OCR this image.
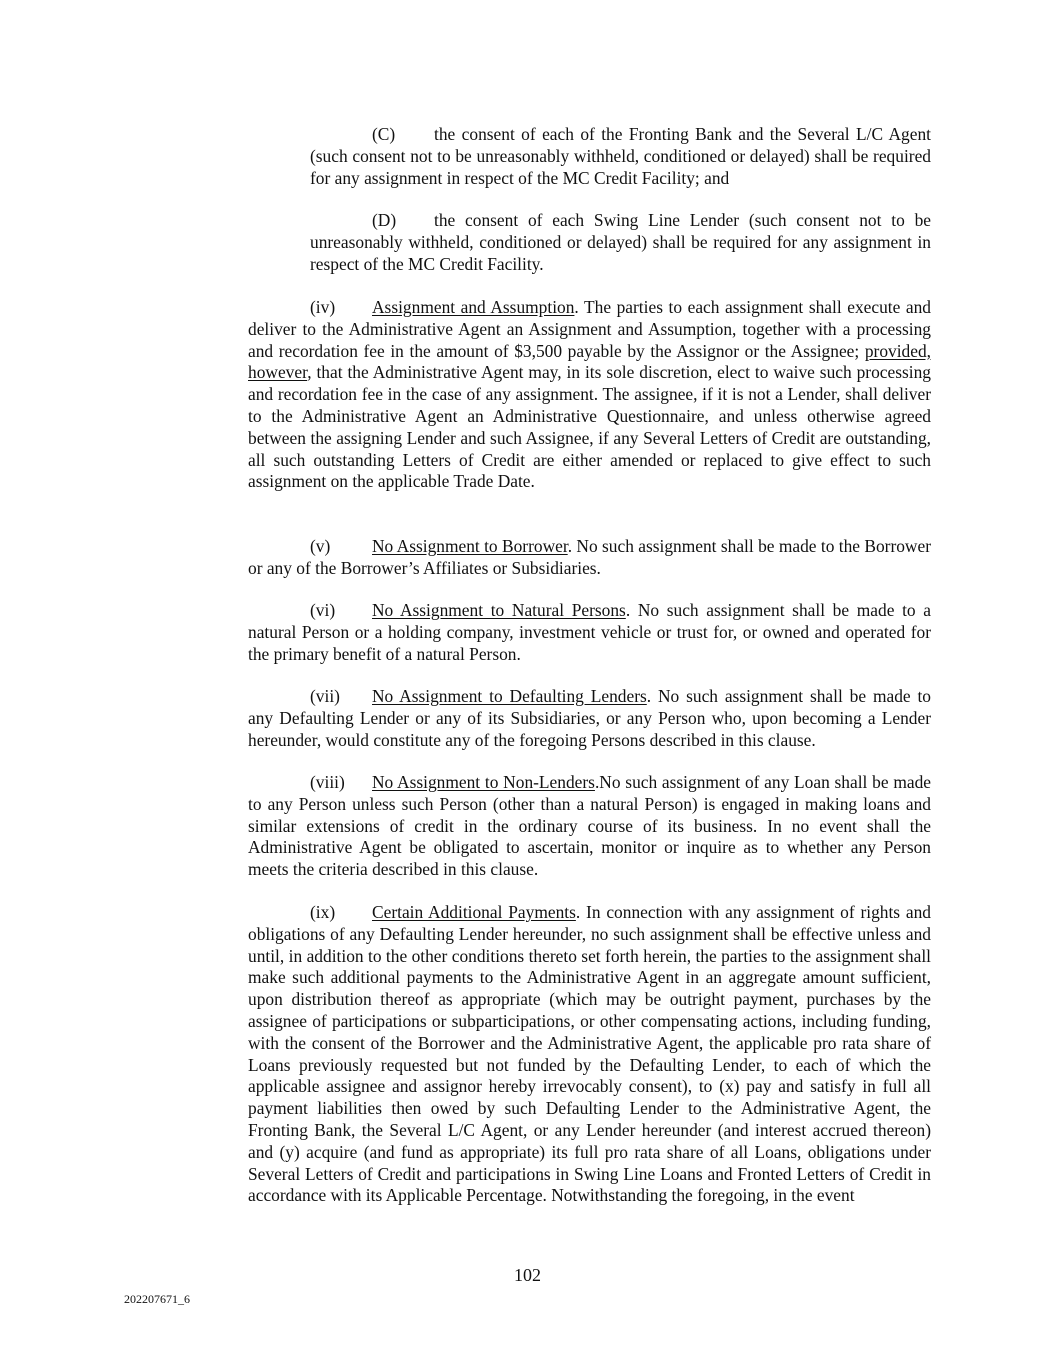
(C) the consent of each of the Fronting Bank and the Several L/C Agent (such consent not to be unreasonably withheld, conditioned or delayed) shall be required for any assignment in respect of the MC Credit Facility; and
(D) the consent of each Swing Line Lender (such consent not to be unreasonably withheld, conditioned or delayed) shall be required for any assignment in respect of the MC Credit Facility.
(iv) Assignment and Assumption. The parties to each assignment shall execute and deliver to the Administrative Agent an Assignment and Assumption, together with a processing and recordation fee in the amount of $3,500 payable by the Assignor or the Assignee; provided, however, that the Administrative Agent may, in its sole discretion, elect to waive such processing and recordation fee in the case of any assignment. The assignee, if it is not a Lender, shall deliver to the Administrative Agent an Administrative Questionnaire, and unless otherwise agreed between the assigning Lender and such Assignee, if any Several Letters of Credit are outstanding, all such outstanding Letters of Credit are either amended or replaced to give effect to such assignment on the applicable Trade Date.
(v) No Assignment to Borrower. No such assignment shall be made to the Borrower or any of the Borrower’s Affiliates or Subsidiaries.
(vi) No Assignment to Natural Persons. No such assignment shall be made to a natural Person or a holding company, investment vehicle or trust for, or owned and operated for the primary benefit of a natural Person.
(vii) No Assignment to Defaulting Lenders. No such assignment shall be made to any Defaulting Lender or any of its Subsidiaries, or any Person who, upon becoming a Lender hereunder, would constitute any of the foregoing Persons described in this clause.
(viii) No Assignment to Non-Lenders.No such assignment of any Loan shall be made to any Person unless such Person (other than a natural Person) is engaged in making loans and similar extensions of credit in the ordinary course of its business. In no event shall the Administrative Agent be obligated to ascertain, monitor or inquire as to whether any Person meets the criteria described in this clause.
(ix) Certain Additional Payments. In connection with any assignment of rights and obligations of any Defaulting Lender hereunder, no such assignment shall be effective unless and until, in addition to the other conditions thereto set forth herein, the parties to the assignment shall make such additional payments to the Administrative Agent in an aggregate amount sufficient, upon distribution thereof as appropriate (which may be outright payment, purchases by the assignee of participations or subparticipations, or other compensating actions, including funding, with the consent of the Borrower and the Administrative Agent, the applicable pro rata share of Loans previously requested but not funded by the Defaulting Lender, to each of which the applicable assignee and assignor hereby irrevocably consent), to (x) pay and satisfy in full all payment liabilities then owed by such Defaulting Lender to the Administrative Agent, the Fronting Bank, the Several L/C Agent, or any Lender hereunder (and interest accrued thereon) and (y) acquire (and fund as appropriate) its full pro rata share of all Loans, obligations under Several Letters of Credit and participations in Swing Line Loans and Fronted Letters of Credit in accordance with its Applicable Percentage. Notwithstanding the foregoing, in the event
102
202207671_6
